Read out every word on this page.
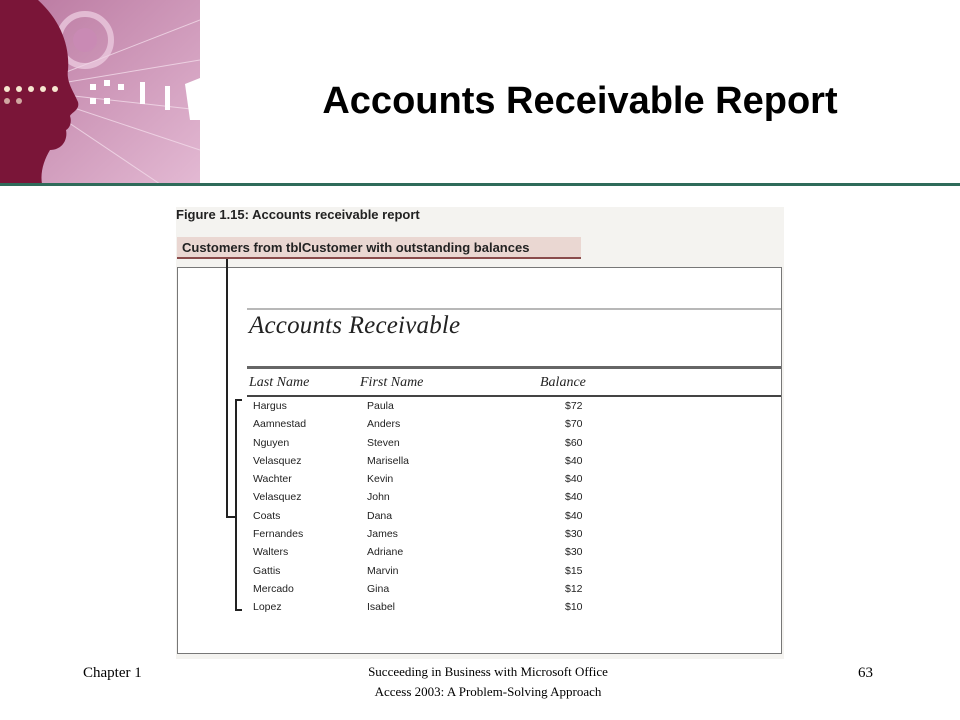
Accounts Receivable Report
Figure 1.15: Accounts receivable report
Customers from tblCustomer with outstanding balances
Accounts Receivable
Last Name	First Name	Balance
Hargus	Paula	$72
Aamnestad	Anders	$70
Nguyen	Steven	$60
Velasquez	Marisella	$40
Wachter	Kevin	$40
Velasquez	John	$40
Coats	Dana	$40
Fernandes	James	$30
Walters	Adriane	$30
Gattis	Marvin	$15
Mercado	Gina	$12
Lopez	Isabel	$10
Chapter 1	Succeeding in Business with Microsoft Office
Access 2003: A Problem-Solving Approach
63
